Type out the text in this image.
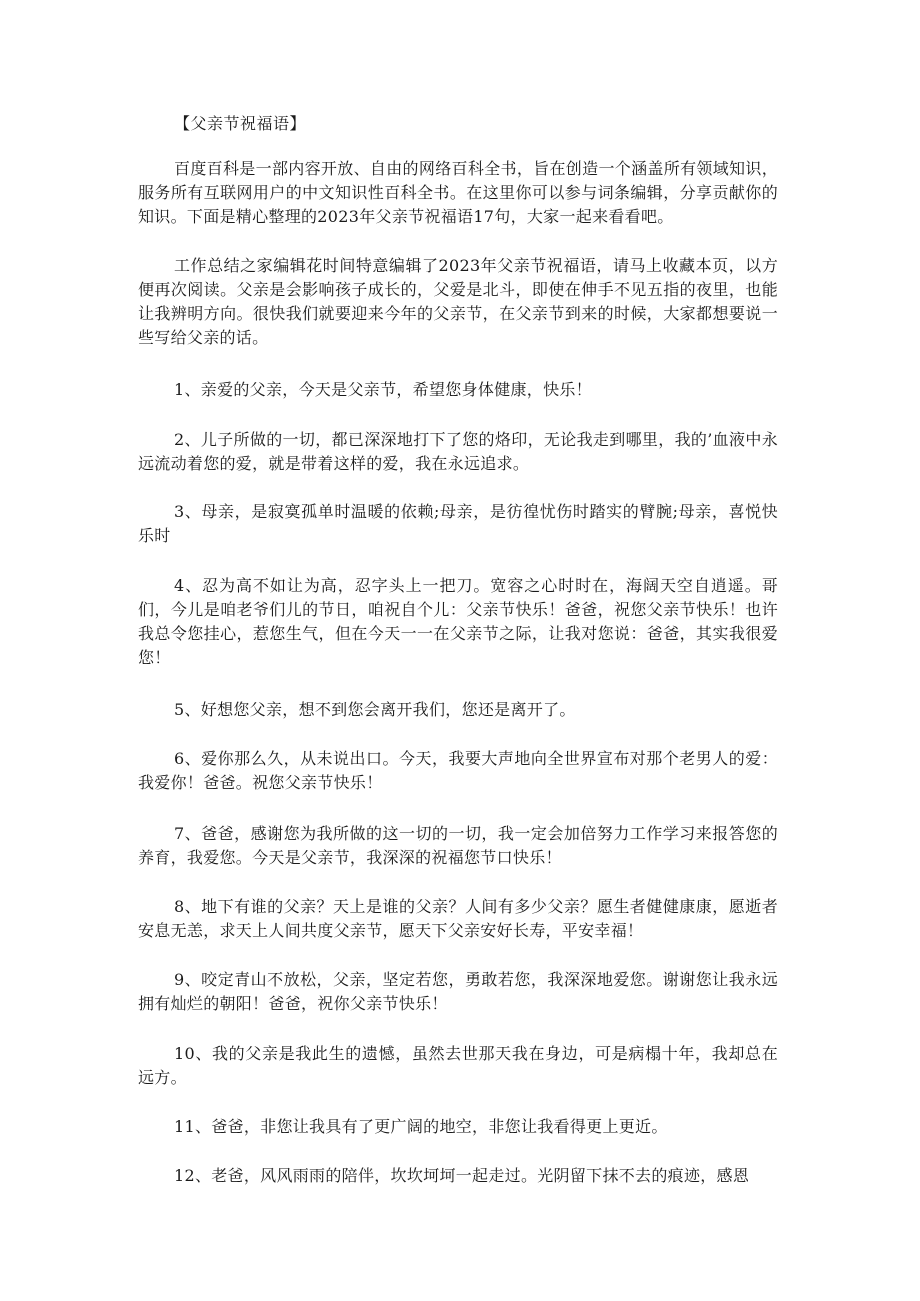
【父亲节祝福语】

百度百科是一部内容开放、自由的网络百科全书，旨在创造一个涵盖所有领域知识，服务所有互联网用户的中文知识性百科全书。在这里你可以参与词条编辑，分享贡献你的知识。下面是精心整理的2023年父亲节祝福语17句，大家一起来看看吧。

工作总结之家编辑花时间特意编辑了2023年父亲节祝福语，请马上收藏本页，以方便再次阅读。父亲是会影响孩子成长的，父爱是北斗，即使在伸手不见五指的夜里，也能让我辨明方向。很快我们就要迎来今年的父亲节，在父亲节到来的时候，大家都想要说一些写给父亲的话。

1、亲爱的父亲，今天是父亲节，希望您身体健康，快乐！

2、儿子所做的一切，都已深深地打下了您的烙印，无论我走到哪里，我的’血液中永远流动着您的爱，就是带着这样的爱，我在永远追求。

3、母亲，是寂寞孤单时温暖的依赖;母亲，是彷徨忧伤时踏实的臂腕;母亲，喜悦快乐时

4、忍为高不如让为高，忍字头上一把刀。宽容之心时时在，海阔天空自逍遥。哥们，今儿是咱老爷们儿的节日，咱祝自个儿：父亲节快乐！爸爸，祝您父亲节快乐！也许我总令您挂心，惹您生气，但在今天一一在父亲节之际，让我对您说：爸爸，其实我很爱您！

5、好想您父亲，想不到您会离开我们，您还是离开了。

6、爱你那么久，从未说出口。今天，我要大声地向全世界宣布对那个老男人的爱：我爱你！爸爸。祝您父亲节快乐！

7、爸爸，感谢您为我所做的这一切的一切，我一定会加倍努力工作学习来报答您的养育，我爱您。今天是父亲节，我深深的祝福您节口快乐！

8、地下有谁的父亲？天上是谁的父亲？人间有多少父亲？愿生者健健康康，愿逝者安息无恙，求天上人间共度父亲节，愿天下父亲安好长寿，平安幸福！

9、咬定青山不放松，父亲，坚定若您，勇敢若您，我深深地爱您。谢谢您让我永远拥有灿烂的朝阳！爸爸，祝你父亲节快乐！

10、我的父亲是我此生的遗憾，虽然去世那天我在身边，可是病榻十年，我却总在远方。

11、爸爸，非您让我具有了更广阔的地空，非您让我看得更上更近。

12、老爸，风风雨雨的陪伴，坎坎坷坷一起走过。光阴留下抹不去的痕迹，感恩
